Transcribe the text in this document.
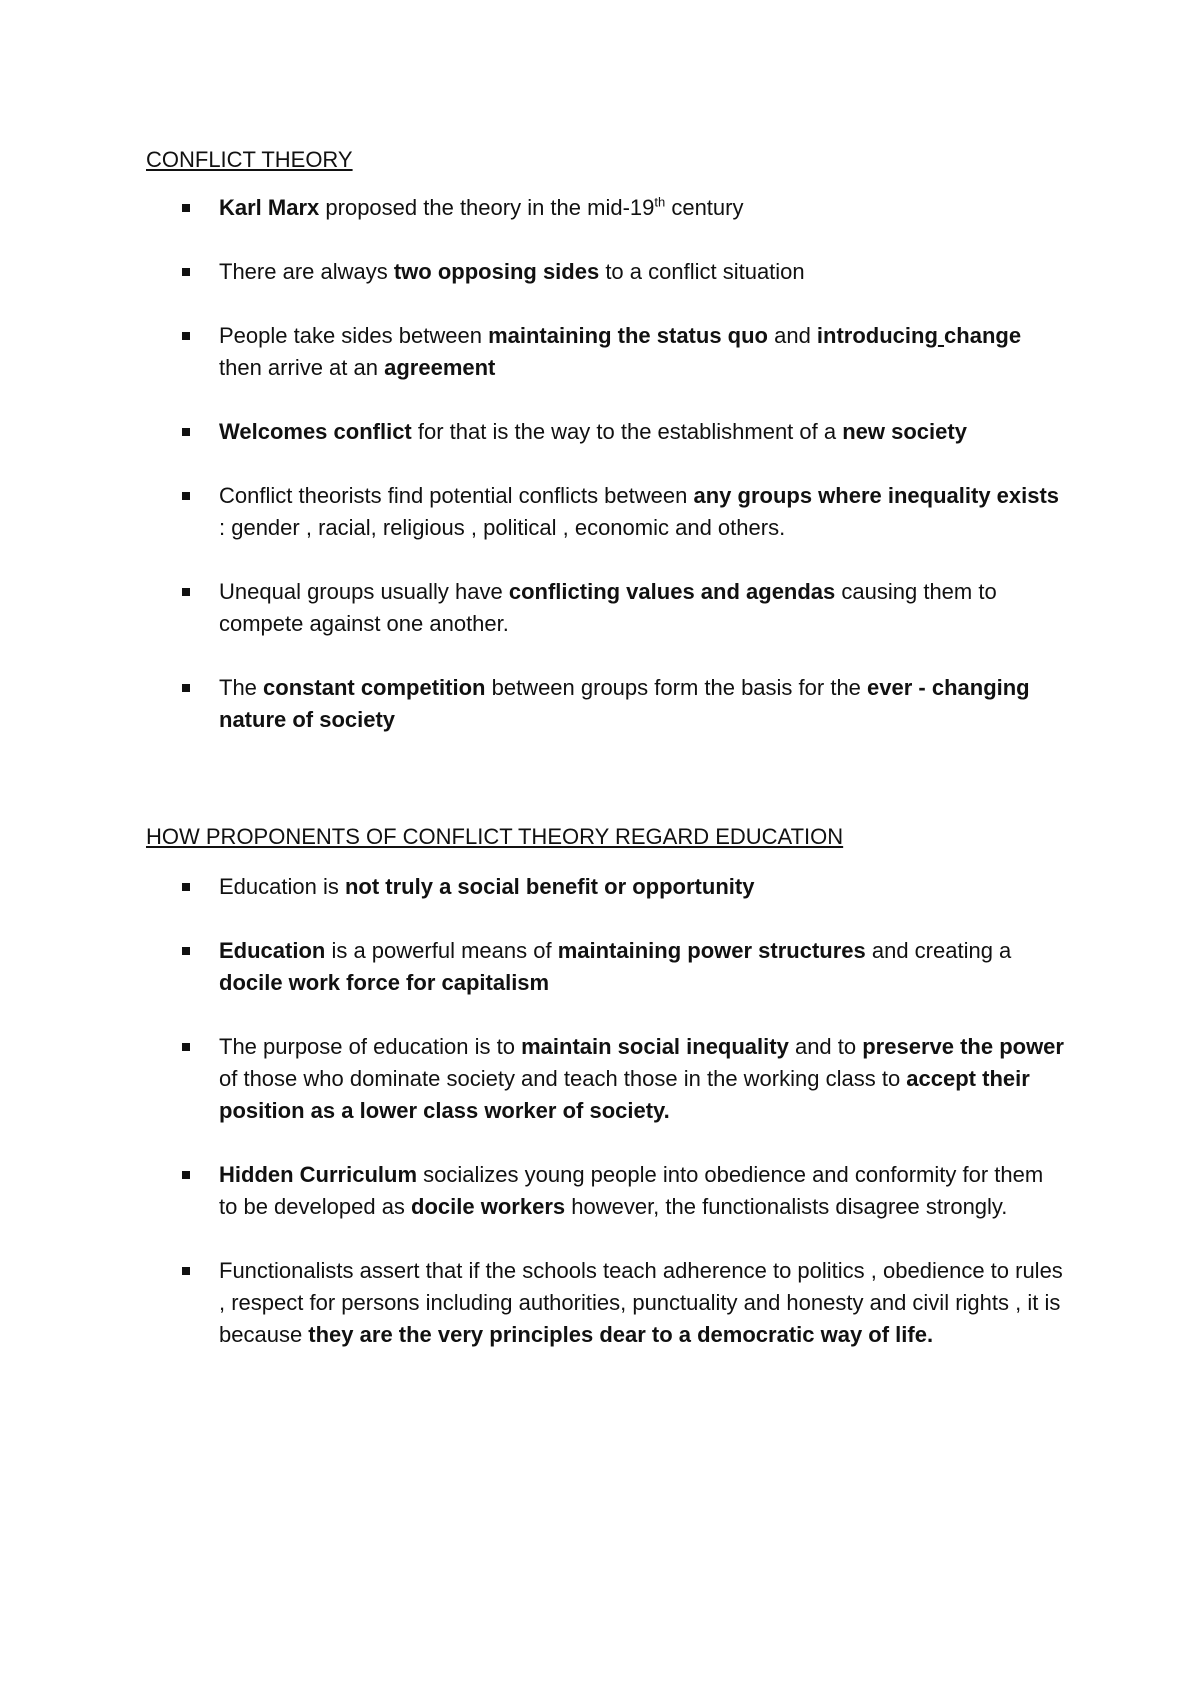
CONFLICT THEORY
Karl Marx proposed the theory in the mid-19th century
There are always two opposing sides to a conflict situation
People take sides between maintaining the status quo and introducing change then arrive at an agreement
Welcomes conflict for that is the way to the establishment of a new society
Conflict theorists find potential conflicts between any groups where inequality exists : gender , racial, religious , political , economic and others.
Unequal groups usually have conflicting values and agendas causing them to compete against one another.
The constant competition between groups form the basis for the ever - changing nature of society
HOW PROPONENTS OF CONFLICT THEORY REGARD EDUCATION
Education is not truly a social benefit or opportunity
Education is a powerful means of maintaining power structures and creating a docile work force for capitalism
The purpose of education is to maintain social inequality and to preserve the power of those who dominate society and teach those in the working class to accept their position as a lower class worker of society.
Hidden Curriculum socializes young people into obedience and conformity for them to be developed as docile workers however, the functionalists disagree strongly.
Functionalists assert that if the schools teach adherence to politics , obedience to rules , respect for persons including authorities, punctuality and honesty and civil rights , it is because they are the very principles dear to a democratic way of life.
